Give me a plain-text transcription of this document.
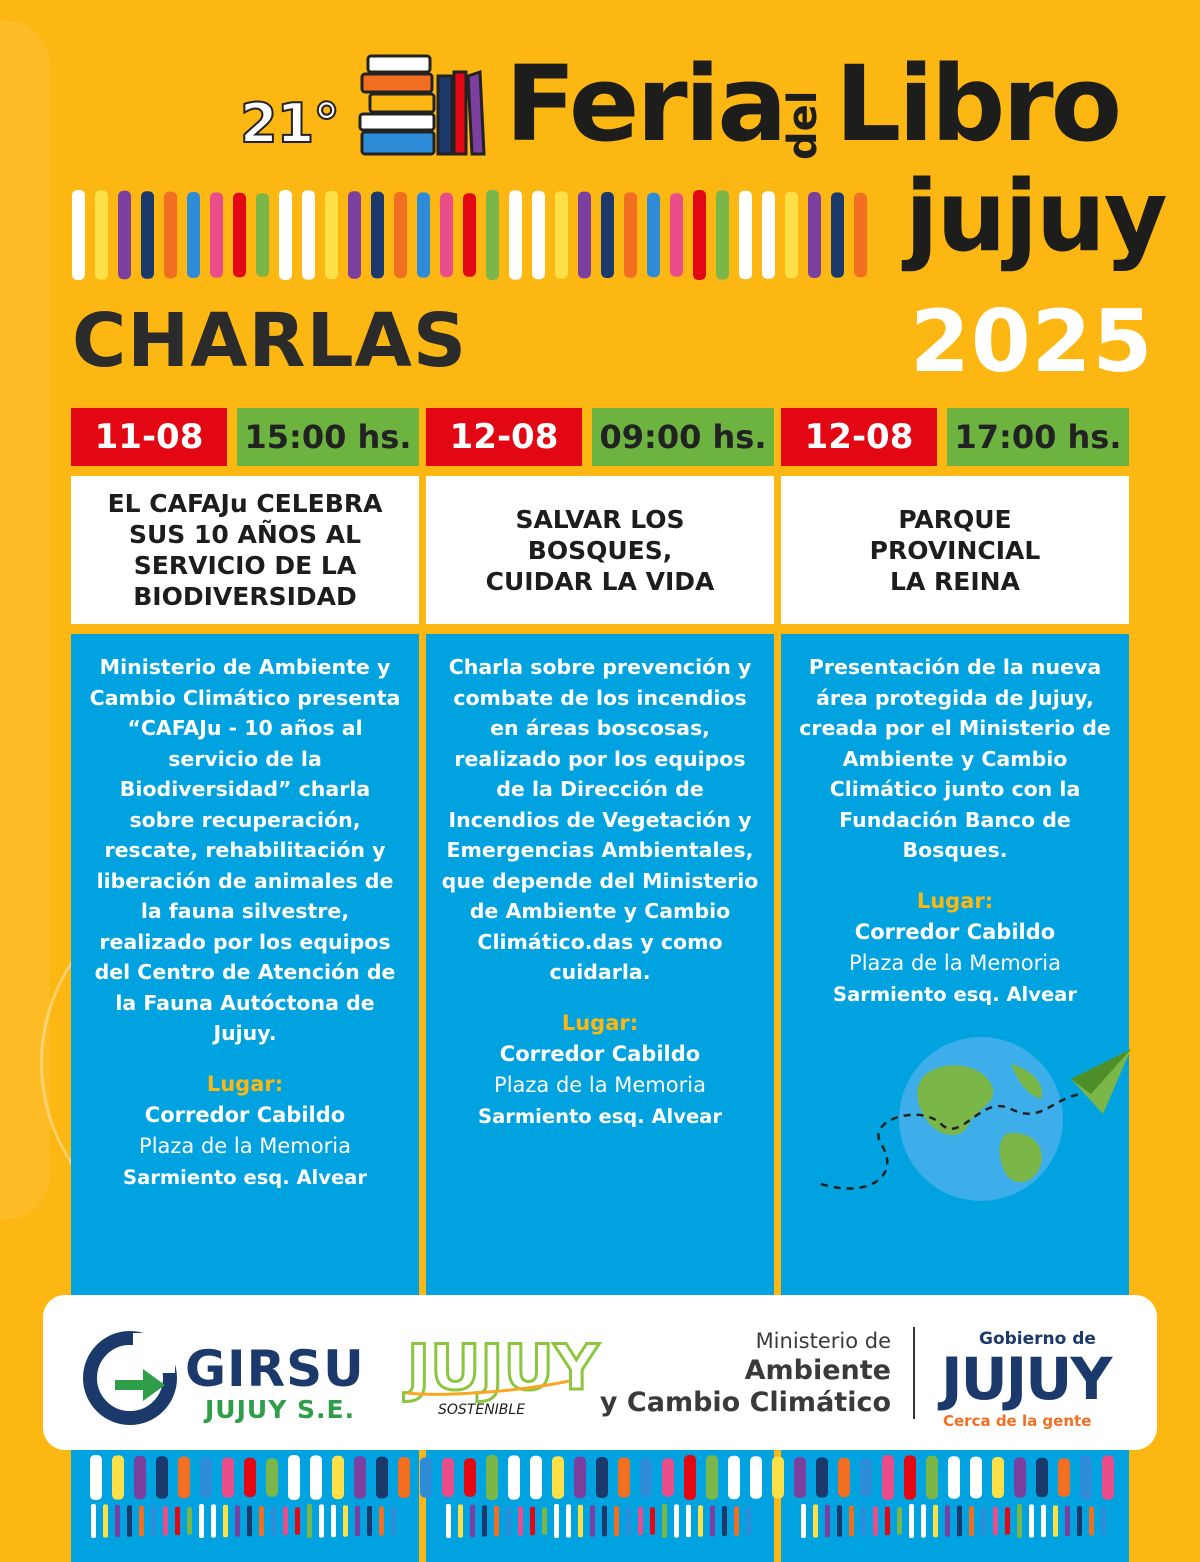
21° Feria
del Libro
jujuy
CHARLAS	2025
11-08	15:00 hs.
EL CAFAJu CELEBRA
SUS 10 AÑOS AL
SERVICIO DE LA
BIODIVERSIDAD

Ministerio de Ambiente y Cambio Climático presenta “CAFAJu - 10 años al servicio de la Biodiversidad” charla sobre recuperación, rescate, rehabilitación y liberación de animales de la fauna silvestre, realizado por los equipos del Centro de Atención de la Fauna Autóctona de Jujuy.

Lugar:
Corredor Cabildo
Plaza de la Memoria
Sarmiento esq. Alvear
12-08	09:00 hs.
SALVAR LOS
BOSQUES,
CUIDAR LA VIDA

Charla sobre prevención y combate de los incendios en áreas boscosas, realizado por los equipos de la Dirección de Incendios de Vegetación y Emergencias Ambientales, que depende del Ministerio de Ambiente y Cambio Climático.das y como cuidarla.

Lugar:
Corredor Cabildo
Plaza de la Memoria
Sarmiento esq. Alvear
12-08	17:00 hs.
PARQUE
PROVINCIAL
LA REINA

Presentación de la nueva área protegida de Jujuy, creada por el Ministerio de Ambiente y Cambio Climático junto con la Fundación Banco de Bosques.

Lugar:
Corredor Cabildo
Plaza de la Memoria
Sarmiento esq. Alvear
GIRSU
JUJUY S.E.
JUJUY
SOSTENIBLE
Ministerio de
Ambiente
y Cambio Climático
Gobierno de
JUJUY
Cerca de la gente
